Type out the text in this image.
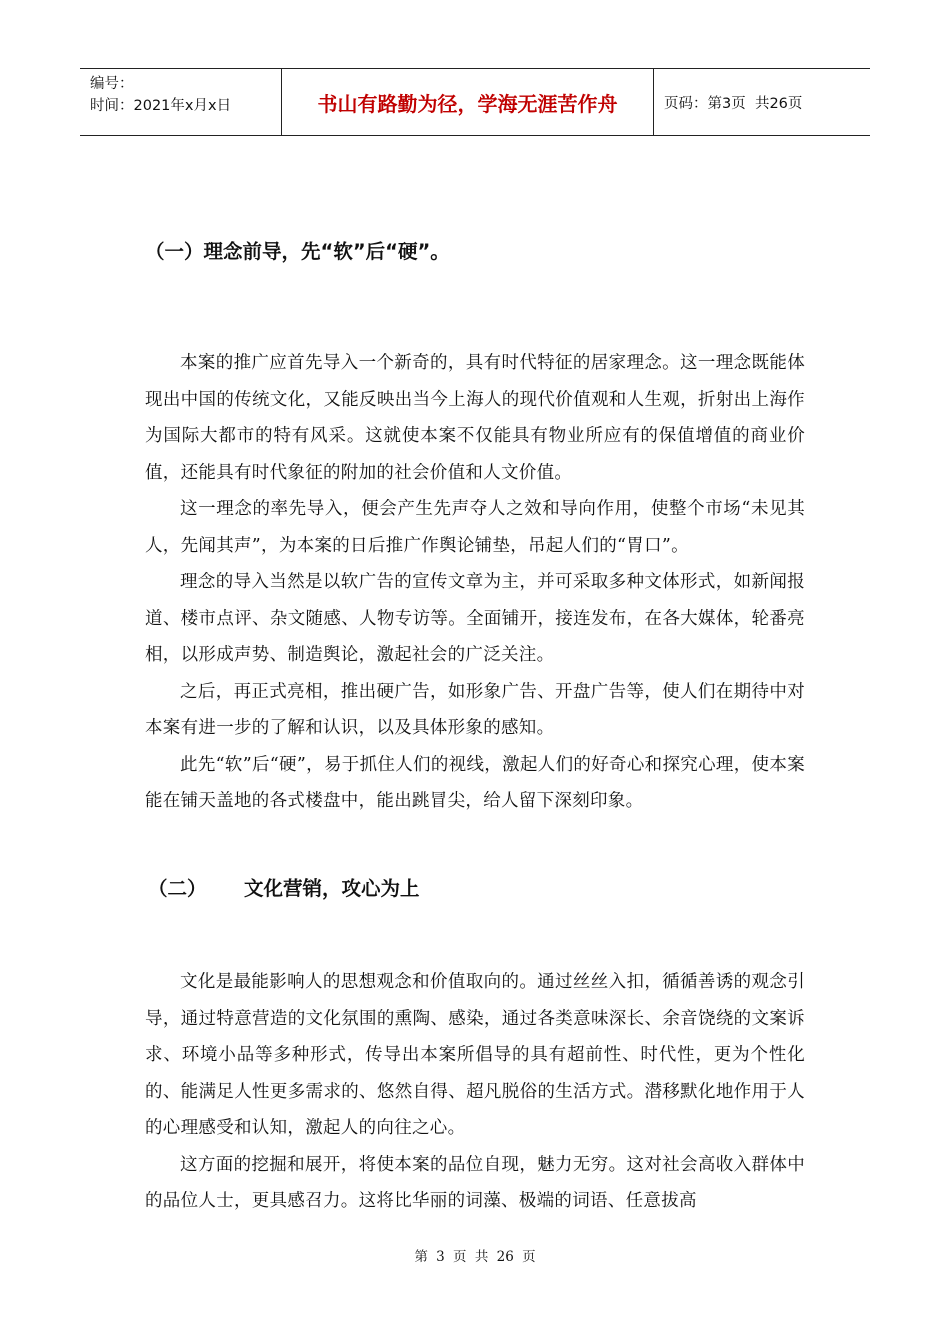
编号：
时间：2021年x月x日	书山有路勤为径，学海无涯苦作舟	页码：第3页  共26页
（一）理念前导，先“软”后“硬”。

本案的推广应首先导入一个新奇的，具有时代特征的居家理念。这一理念既能体现出中国的传统文化，又能反映出当今上海人的现代价值观和人生观，折射出上海作为国际大都市的特有风采。这就使本案不仅能具有物业所应有的保值增值的商业价值，还能具有时代象征的附加的社会价值和人文价值。

这一理念的率先导入，便会产生先声夺人之效和导向作用，使整个市场“未见其人，先闻其声”，为本案的日后推广作舆论铺垫，吊起人们的“胃口”。

理念的导入当然是以软广告的宣传文章为主，并可采取多种文体形式，如新闻报道、楼市点评、杂文随感、人物专访等。全面铺开，接连发布，在各大媒体，轮番亮相，以形成声势、制造舆论，激起社会的广泛关注。

之后，再正式亮相，推出硬广告，如形象广告、开盘广告等，使人们在期待中对本案有进一步的了解和认识，以及具体形象的感知。

此先“软”后“硬”，易于抓住人们的视线，激起人们的好奇心和探究心理，使本案能在铺天盖地的各式楼盘中，能出跳冒尖，给人留下深刻印象。

（二） 文化营销，攻心为上

文化是最能影响人的思想观念和价值取向的。通过丝丝入扣，循循善诱的观念引导，通过特意营造的文化氛围的熏陶、感染，通过各类意味深长、余音饶绕的文案诉求、环境小品等多种形式，传导出本案所倡导的具有超前性、时代性，更为个性化的、能满足人性更多需求的、悠然自得、超凡脱俗的生活方式。潜移默化地作用于人的心理感受和认知，激起人的向往之心。

这方面的挖掘和展开，将使本案的品位自现，魅力无穷。这对社会高收入群体中的品位人士，更具感召力。这将比华丽的词藻、极端的词语、任意拔高

第 3 页 共 26 页
